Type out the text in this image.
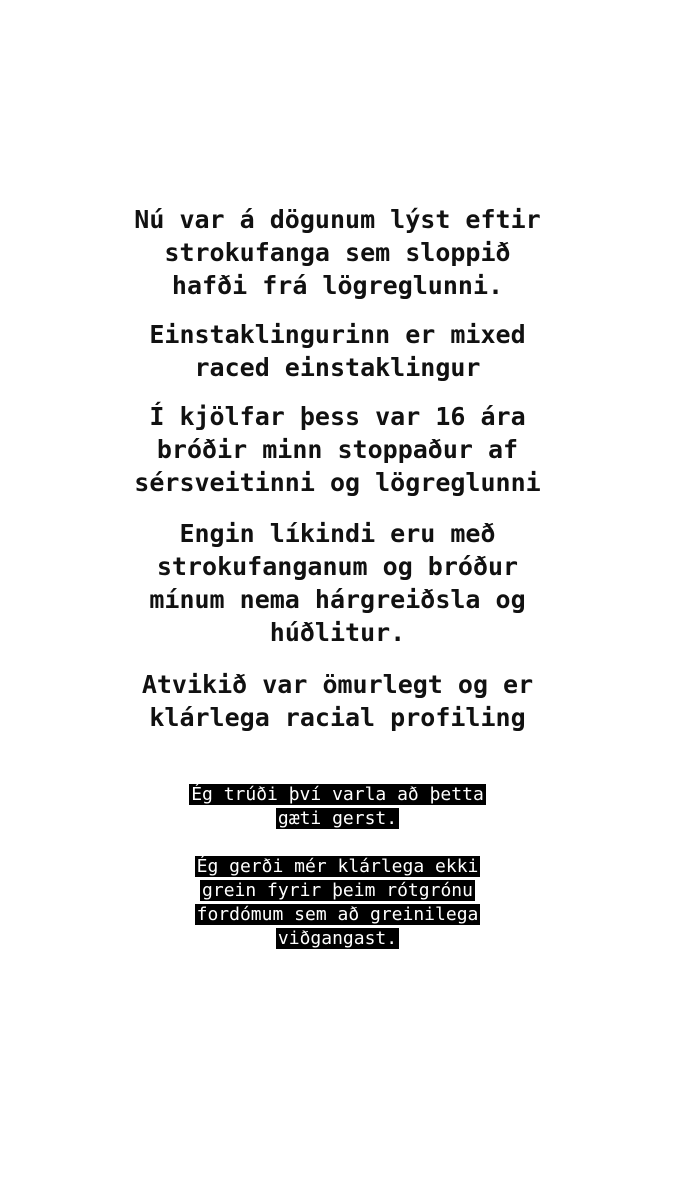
Nú var á dögunum lýst eftir
strokufanga sem sloppið
hafði frá lögreglunni.
Einstaklingurinn er mixed
raced einstaklingur
Í kjölfar þess var 16 ára
bróðir minn stoppaður af
sérsveitinni og lögreglunni
Engin líkindi eru með
strokufanganum og bróður
mínum nema hárgreiðsla og
húðlitur.
Atvikið var ömurlegt og er
klárlega racial profiling
Ég trúði því varla að þetta
gæti gerst.
Ég gerði mér klárlega ekki
grein fyrir þeim rótgrónu
fordómum sem að greinilega
viðgangast.
